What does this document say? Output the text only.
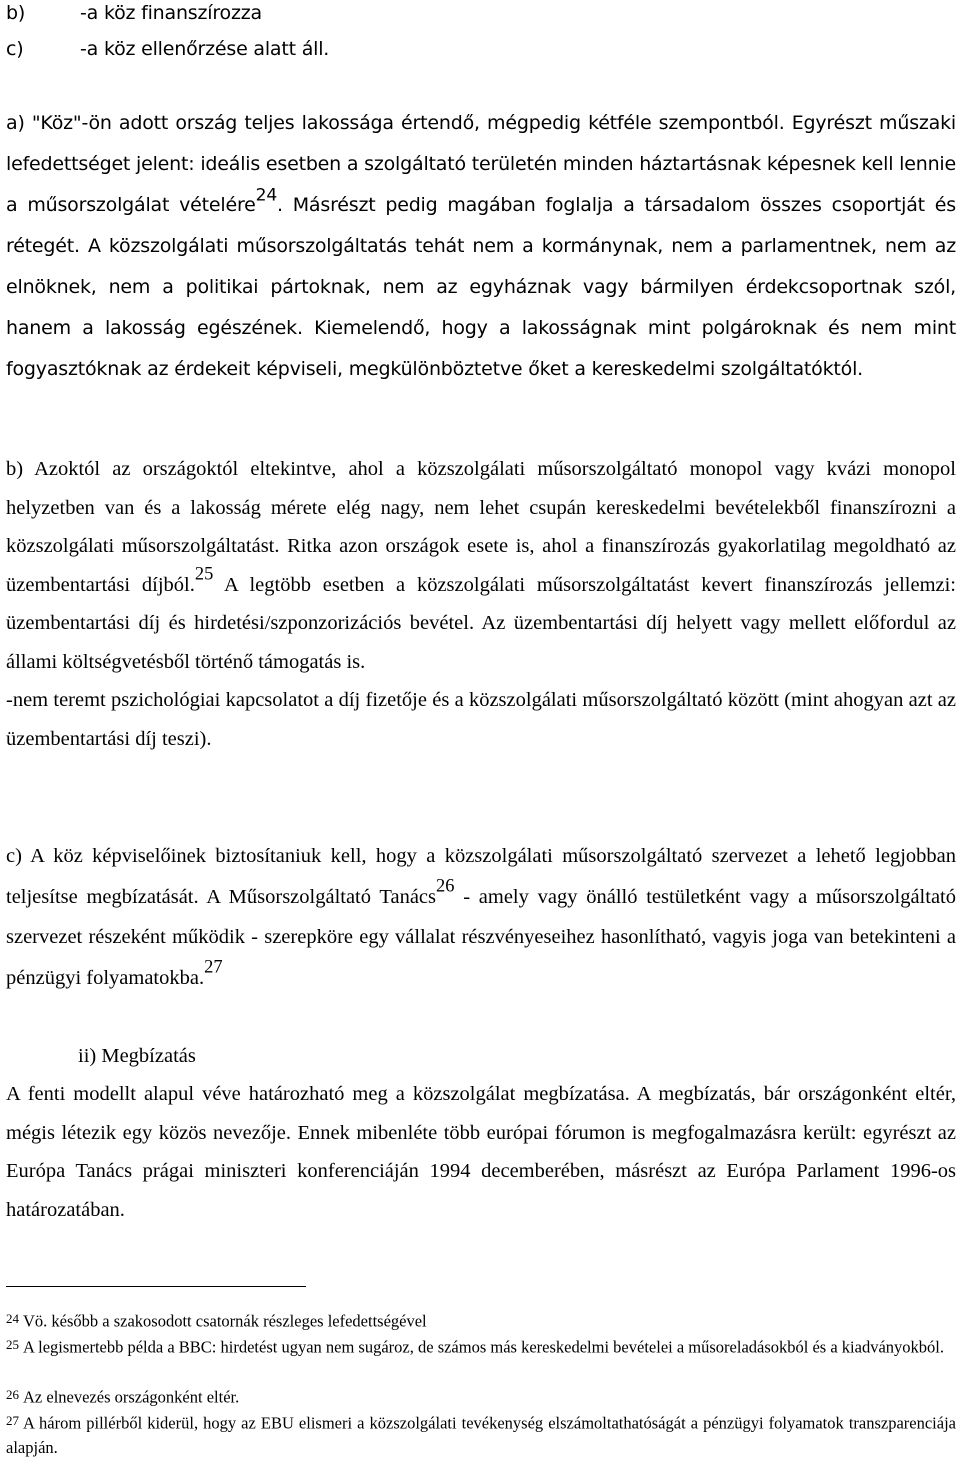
b)	-a köz finanszírozza
c)	-a köz ellenőrzése alatt áll.

a) "Köz"-ön adott ország teljes lakossága értendő, mégpedig kétféle szempontból. Egyrészt műszaki lefedettséget jelent: ideális esetben a szolgáltató területén minden háztartásnak képesnek kell lennie a műsorszolgálat vételére$^{24}$. Másrészt pedig magában foglalja a társadalom összes csoportját és rétegét. A közszolgálati műsorszolgáltatás tehát nem a kormánynak, nem a parlamentnek, nem az elnöknek, nem a politikai pártoknak, nem az egyháznak vagy bármilyen érdekcsoportnak szól, hanem a lakosság egészének. Kiemelendő, hogy a lakosságnak mint polgároknak és nem mint fogyasztóknak az érdekeit képviseli, megkülönböztetve őket a kereskedelmi szolgáltatóktól.

b) Azoktól az országoktól eltekintve, ahol a közszolgálati műsorszolgáltató monopol vagy kvázi monopol helyzetben van és a lakosság mérete elég nagy, nem lehet csupán kereskedelmi bevételekből finanszírozni a közszolgálati műsorszolgáltatást. Ritka azon országok esete is, ahol a finanszírozás gyakorlatilag megoldható az üzembentartási díjból.$^{25}$ A legtöbb esetben a közszolgálati műsorszolgáltatást kevert finanszírozás jellemzi: üzembentartási díj és hirdetési/szponzorizációs bevétel. Az üzembentartási díj helyett vagy mellett előfordul az állami költségvetésből történő támogatás is.
-nem teremt pszichológiai kapcsolatot a díj fizetője és a közszolgálati műsorszolgáltató között (mint ahogyan azt az üzembentartási díj teszi).
c) A köz képviselőinek biztosítaniuk kell, hogy a közszolgálati műsorszolgáltató szervezet a lehető legjobban teljesítse megbízatását. A Műsorszolgáltató Tanács$^{26}$ - amely vagy önálló testületként vagy a műsorszolgáltató szervezet részeként működik - szerepköre egy vállalat részvényeseihez hasonlítható, vagyis joga van betekinteni a pénzügyi folyamatokba.$^{27}$
ii) Megbízatás
A fenti modellt alapul véve határozható meg a közszolgálat megbízatása. A megbízatás, bár országonként eltér, mégis létezik egy közös nevezője. Ennek mibenléte több európai fórumon is megfogalmazásra került: egyrészt az Európa Tanács prágai miniszteri konferenciáján 1994 decemberében, másrészt az Európa Parlament 1996-os határozatában.
24 Vö. később a szakosodott csatornák részleges lefedettségével
25 A legismertebb példa a BBC: hirdetést ugyan nem sugároz, de számos más kereskedelmi bevételei a műsoreladásokból és a kiadványokból.
26 Az elnevezés országonként eltér.
27 A három pillérből kiderül, hogy az EBU elismeri a közszolgálati tevékenység elszámoltathatóságát a pénzügyi folyamatok transzparenciája alapján.
